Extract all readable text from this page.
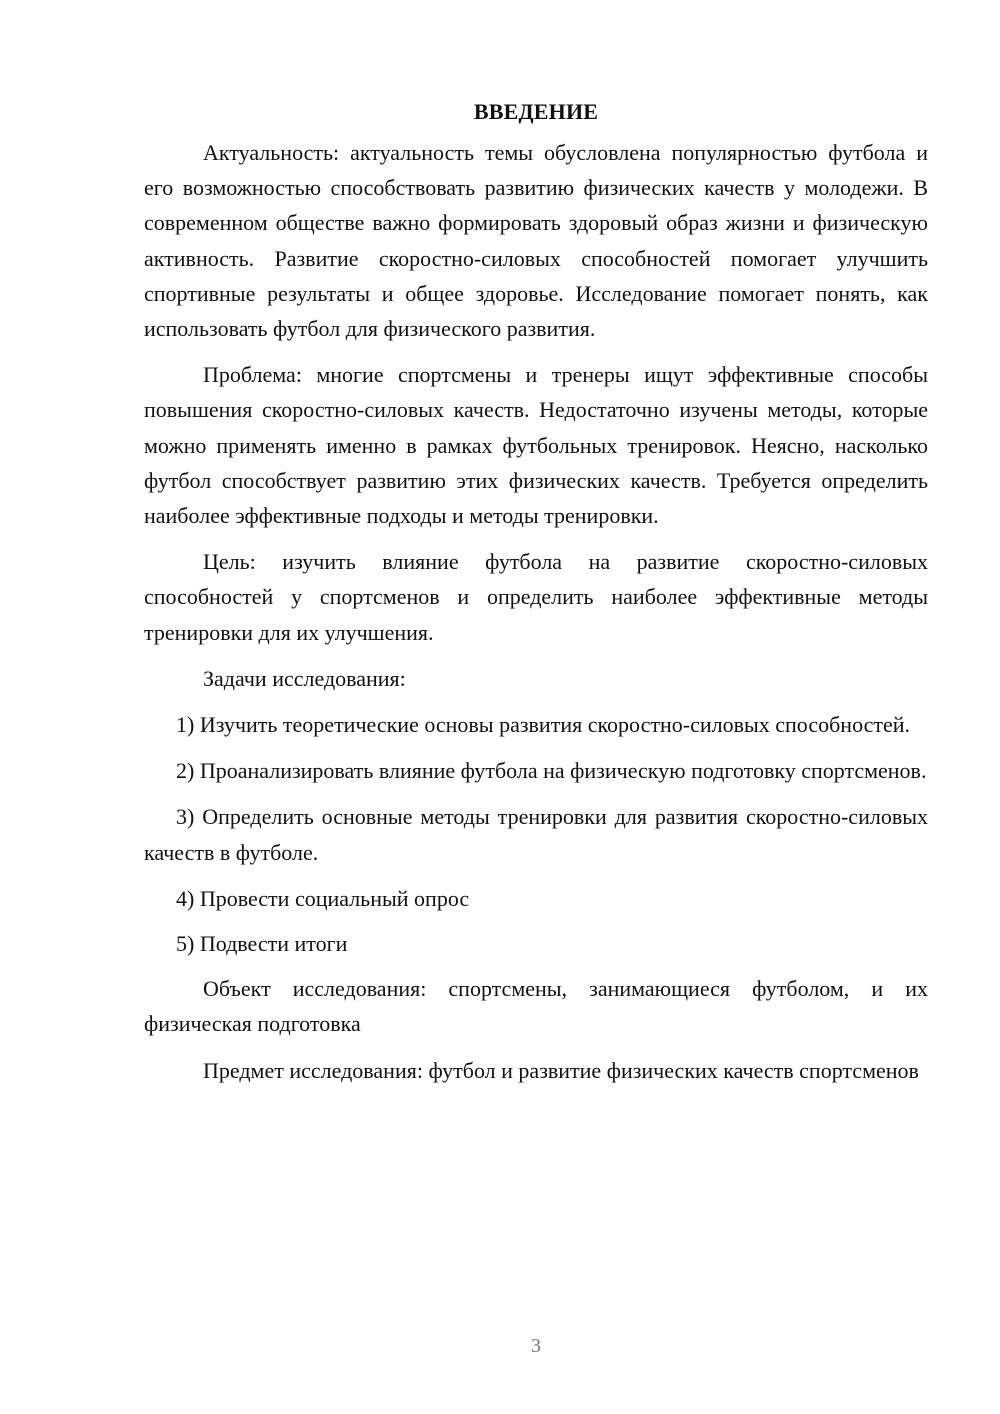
ВВЕДЕНИЕ

Актуальность: актуальность темы обусловлена популярностью футбола и его возможностью способствовать развитию физических качеств у молодежи. В современном обществе важно формировать здоровый образ жизни и физическую активность. Развитие скоростно-силовых способностей помогает улучшить спортивные результаты и общее здоровье. Исследование помогает понять, как использовать футбол для физического развития.

Проблема: многие спортсмены и тренеры ищут эффективные способы повышения скоростно-силовых качеств. Недостаточно изучены методы, которые можно применять именно в рамках футбольных тренировок. Неясно, насколько футбол способствует развитию этих физических качеств. Требуется определить наиболее эффективные подходы и методы тренировки.

Цель: изучить влияние футбола на развитие скоростно-силовых способностей у спортсменов и определить наиболее эффективные методы тренировки для их улучшения.

Задачи исследования:

1) Изучить теоретические основы развития скоростно-силовых способностей.

2) Проанализировать влияние футбола на физическую подготовку спортсменов.

3) Определить основные методы тренировки для развития скоростно-силовых качеств в футболе.

4) Провести социальный опрос

5) Подвести итоги

Объект исследования: спортсмены, занимающиеся футболом, и их физическая подготовка

Предмет исследования: футбол и развитие физических качеств спортсменов

3
